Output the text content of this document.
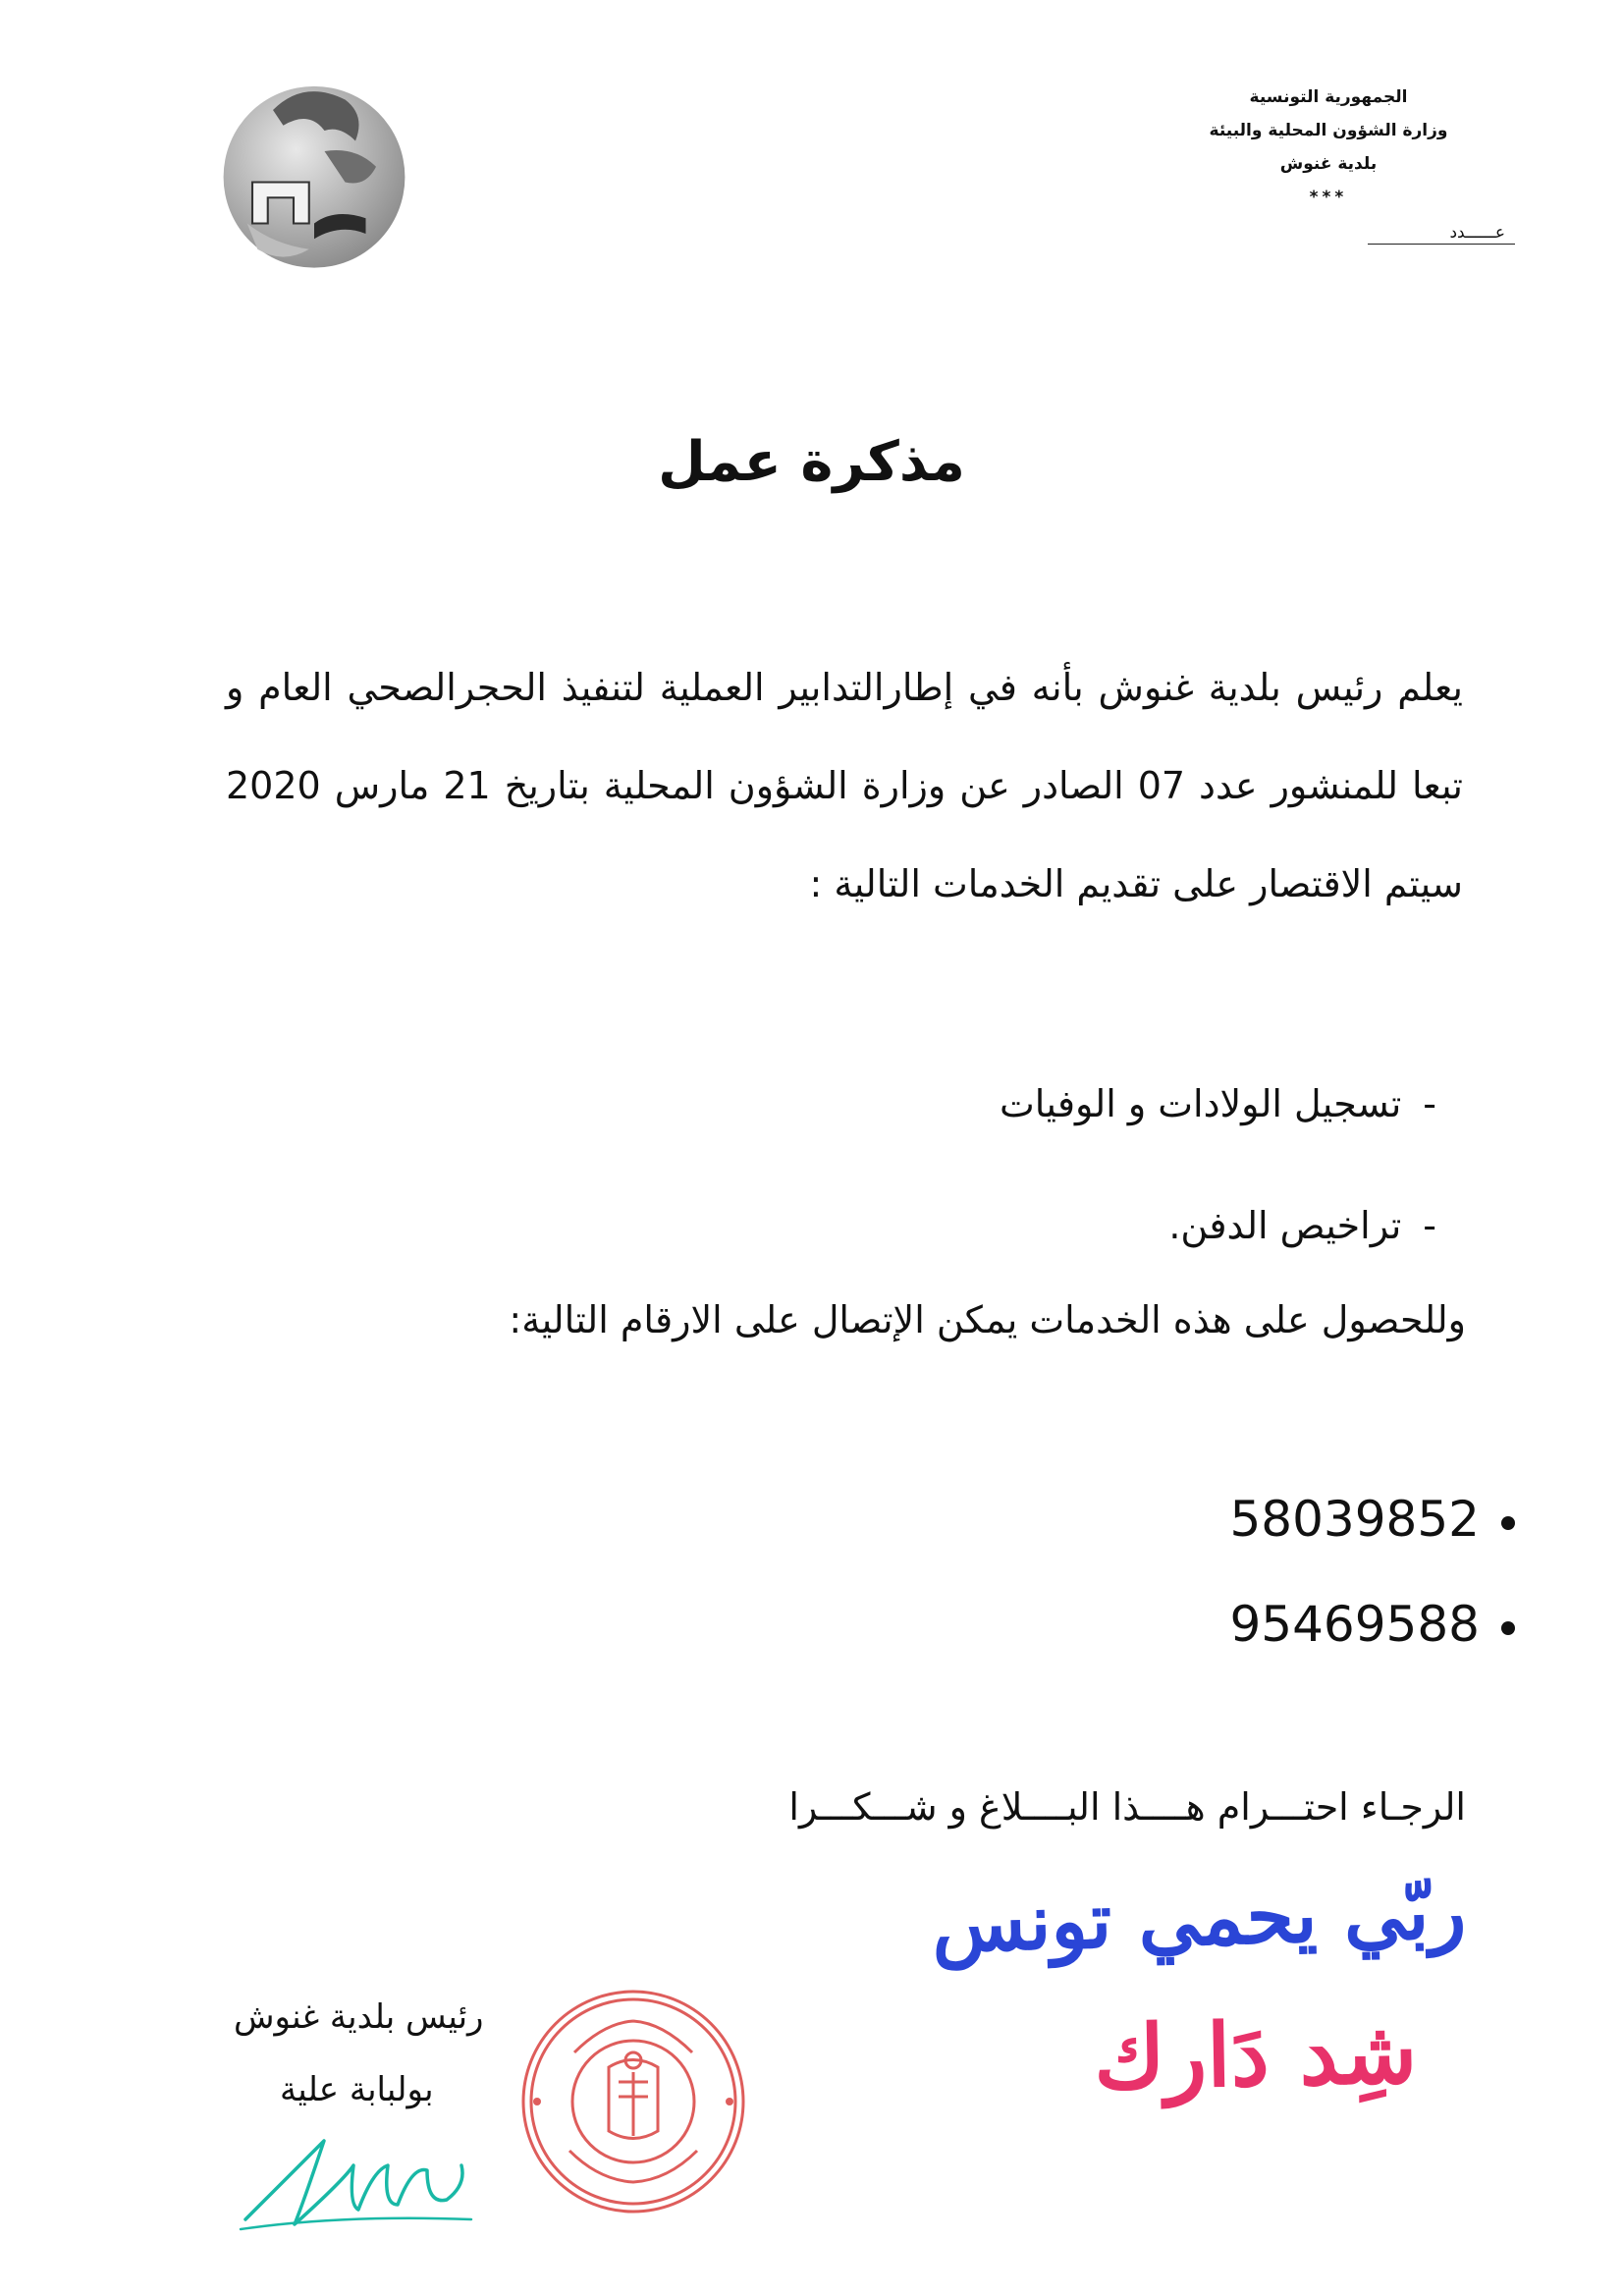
الجمهورية التونسية
وزارة الشؤون المحلية والبيئة
بلدية غنوش
***
عــــــدد
مذكرة عمل
يعلم رئيس بلدية غنوش بأنه في إطارالتدابير العملية لتنفيذ الحجرالصحي العام و تبعا للمنشور عدد 07 الصادر عن وزارة الشؤون المحلية بتاريخ 21 مارس 2020 سيتم الاقتصار على تقديم الخدمات التالية :
-تسجيل الولادات و الوفيات
-تراخيص الدفن.
وللحصول على هذه الخدمات يمكن الإتصال على الارقام التالية:
58039852
95469588
الرجـاء احتـــرام هــــذا البــــلاغ و شـــكـــرا
ربّي يحمي تونس
شِد دَارك
رئيس بلدية غنوش
بولبابة علية
